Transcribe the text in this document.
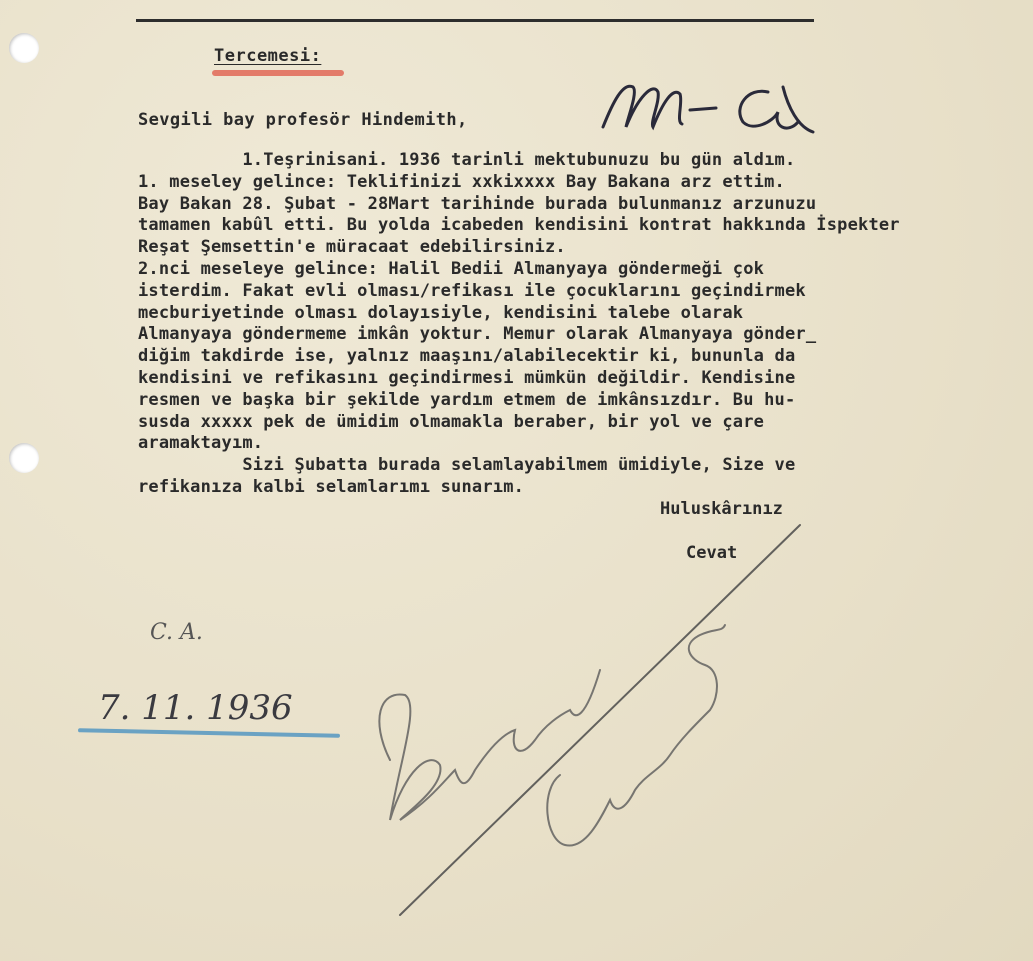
Tercemesi:
Sevgili bay profesör Hindemith,
1.Teşrinisani. 1936 tarinli mektubunuzu bu gün aldım.
1. meseley gelince: Teklifinizi xxkixxxx Bay Bakana arz ettim.
Bay Bakan 28. Şubat - 28Mart tarihinde burada bulunmanız arzunuzu
tamamen kabûl etti. Bu yolda icabeden kendisini kontrat hakkında İspekter
Reşat Şemsettin'e müracaat edebilirsiniz.
2.nci meseleye gelince: Halil Bedii Almanyaya göndermeği çok
isterdim. Fakat evli olması/refikası ile çocuklarını geçindirmek
mecburiyetinde olması dolayısiyle, kendisini talebe olarak
Almanyaya göndermeme imkân yoktur. Memur olarak Almanyaya gönder_
diğim takdirde ise, yalnız maaşını/alabilecektir ki, bununla da
kendisini ve refikasını geçindirmesi mümkün değildir. Kendisine
resmen ve başka bir şekilde yardım etmem de imkânsızdır. Bu hu-
susda xxxxx pek de ümidim olmamakla beraber, bir yol ve çare
aramaktayım.
Sizi Şubatta burada selamlayabilmem ümidiyle, Size ve
refikanıza kalbi selamlarımı sunarım.
Huluskârınız
Cevat
C. A.
7. 11. 1936
